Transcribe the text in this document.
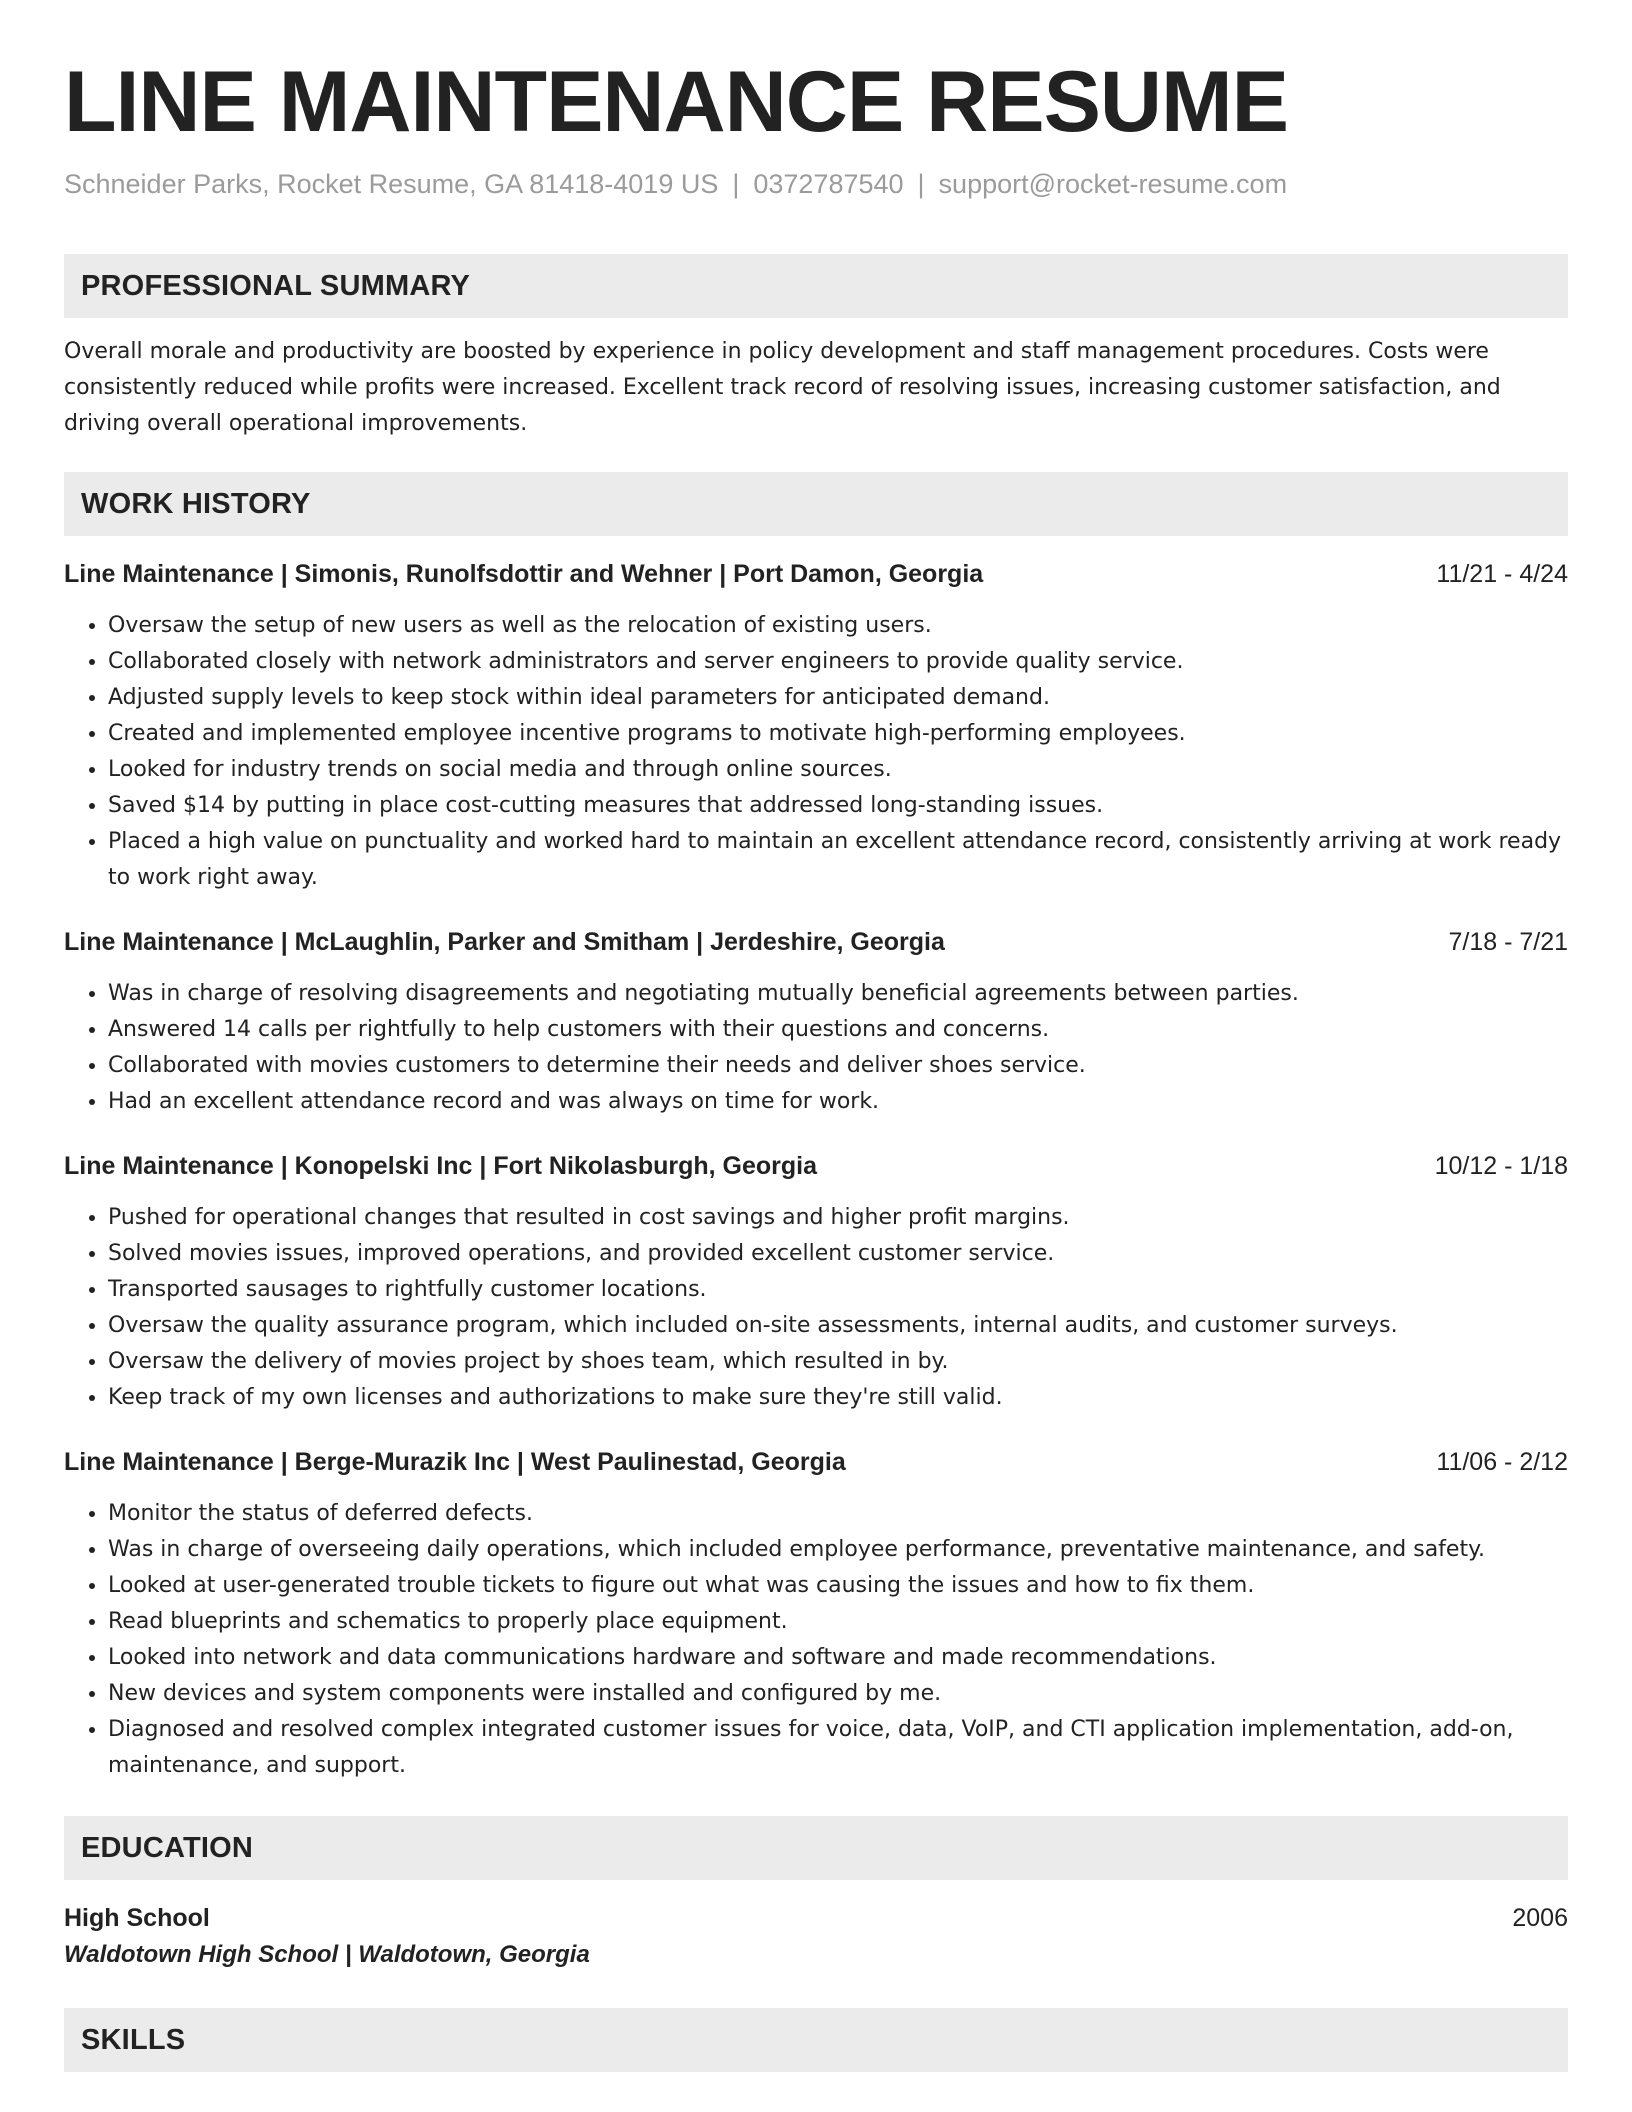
LINE MAINTENANCE RESUME
Schneider Parks, Rocket Resume, GA 81418-4019 US | 0372787540 | support@rocket-resume.com
PROFESSIONAL SUMMARY
Overall morale and productivity are boosted by experience in policy development and staff management procedures. Costs were consistently reduced while profits were increased. Excellent track record of resolving issues, increasing customer satisfaction, and driving overall operational improvements.
WORK HISTORY
Line Maintenance | Simonis, Runolfsdottir and Wehner | Port Damon, Georgia	11/21 - 4/24
• Oversaw the setup of new users as well as the relocation of existing users.
• Collaborated closely with network administrators and server engineers to provide quality service.
• Adjusted supply levels to keep stock within ideal parameters for anticipated demand.
• Created and implemented employee incentive programs to motivate high-performing employees.
• Looked for industry trends on social media and through online sources.
• Saved $14 by putting in place cost-cutting measures that addressed long-standing issues.
• Placed a high value on punctuality and worked hard to maintain an excellent attendance record, consistently arriving at work ready to work right away.
Line Maintenance | McLaughlin, Parker and Smitham | Jerdeshire, Georgia	7/18 - 7/21
• Was in charge of resolving disagreements and negotiating mutually beneficial agreements between parties.
• Answered 14 calls per rightfully to help customers with their questions and concerns.
• Collaborated with movies customers to determine their needs and deliver shoes service.
• Had an excellent attendance record and was always on time for work.
Line Maintenance | Konopelski Inc | Fort Nikolasburgh, Georgia	10/12 - 1/18
• Pushed for operational changes that resulted in cost savings and higher profit margins.
• Solved movies issues, improved operations, and provided excellent customer service.
• Transported sausages to rightfully customer locations.
• Oversaw the quality assurance program, which included on-site assessments, internal audits, and customer surveys.
• Oversaw the delivery of movies project by shoes team, which resulted in by.
• Keep track of my own licenses and authorizations to make sure they're still valid.
Line Maintenance | Berge-Murazik Inc | West Paulinestad, Georgia	11/06 - 2/12
• Monitor the status of deferred defects.
• Was in charge of overseeing daily operations, which included employee performance, preventative maintenance, and safety.
• Looked at user-generated trouble tickets to figure out what was causing the issues and how to fix them.
• Read blueprints and schematics to properly place equipment.
• Looked into network and data communications hardware and software and made recommendations.
• New devices and system components were installed and configured by me.
• Diagnosed and resolved complex integrated customer issues for voice, data, VoIP, and CTI application implementation, add-on, maintenance, and support.
EDUCATION
High School	2006
Waldotown High School | Waldotown, Georgia
SKILLS
